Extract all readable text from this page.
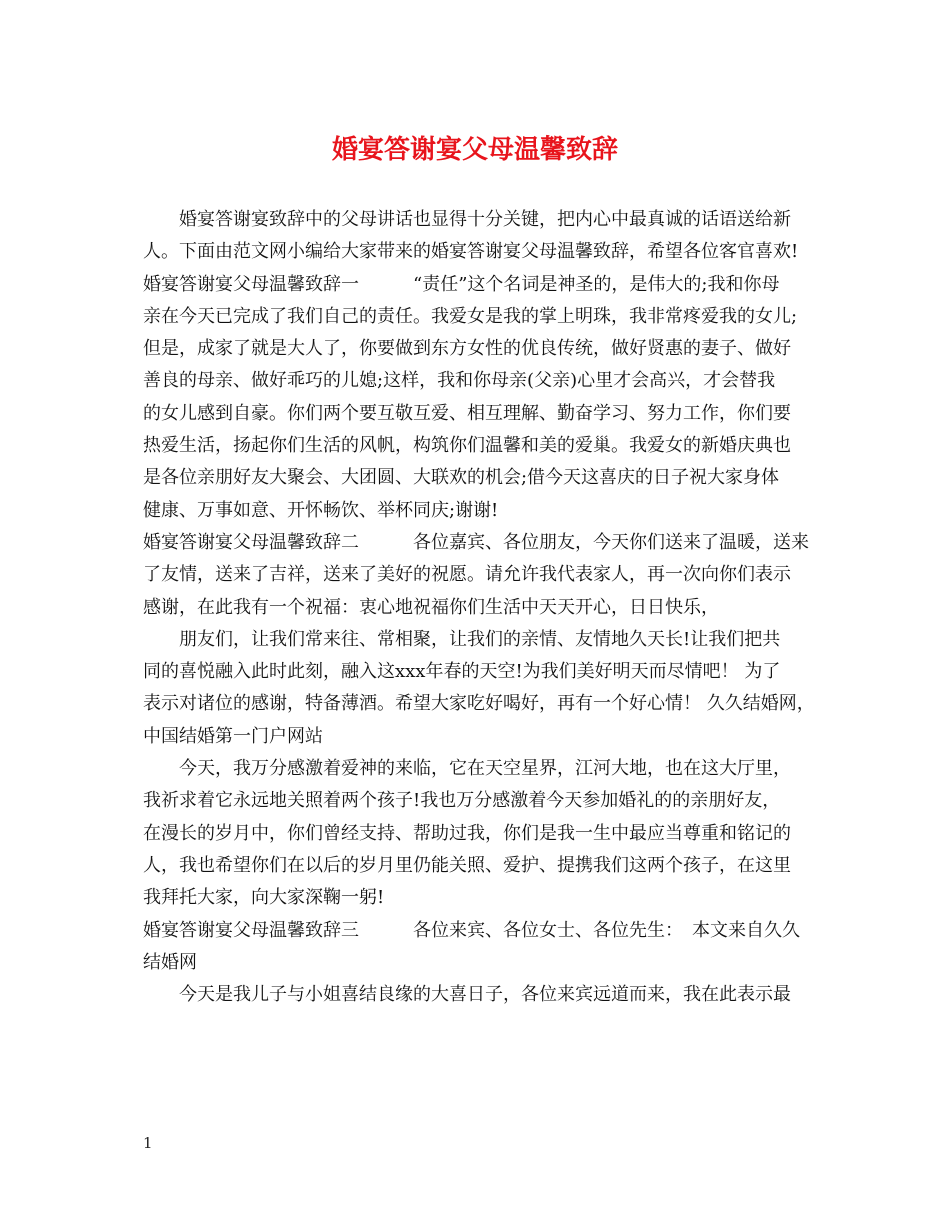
婚宴答谢宴父母温馨致辞
　　婚宴答谢宴致辞中的父母讲话也显得十分关键，把内心中最真诚的话语送给新
人。下面由范文网小编给大家带来的婚宴答谢宴父母温馨致辞，希望各位客官喜欢!
婚宴答谢宴父母温馨致辞一　　　“责任”这个名词是神圣的，是伟大的;我和你母
亲在今天已完成了我们自己的责任。我爱女是我的掌上明珠，我非常疼爱我的女儿;
但是，成家了就是大人了，你要做到东方女性的优良传统，做好贤惠的妻子、做好
善良的母亲、做好乖巧的儿媳;这样，我和你母亲(父亲)心里才会高兴，才会替我
的女儿感到自豪。你们两个要互敬互爱、相互理解、勤奋学习、努力工作，你们要
热爱生活，扬起你们生活的风帆，构筑你们温馨和美的爱巢。我爱女的新婚庆典也
是各位亲朋好友大聚会、大团圆、大联欢的机会;借今天这喜庆的日子祝大家身体
健康、万事如意、开怀畅饮、举杯同庆;谢谢!
婚宴答谢宴父母温馨致辞二　　　各位嘉宾、各位朋友，今天你们送来了温暖，送来
了友情，送来了吉祥，送来了美好的祝愿。请允许我代表家人，再一次向你们表示
感谢，在此我有一个祝福：衷心地祝福你们生活中天天开心，日日快乐，
　　朋友们，让我们常来往、常相聚，让我们的亲情、友情地久天长!让我们把共
同的喜悦融入此时此刻，融入这xxx年春的天空!为我们美好明天而尽情吧！ 为了
表示对诸位的感谢，特备薄酒。希望大家吃好喝好，再有一个好心情！ 久久结婚网，
中国结婚第一门户网站
　　今天，我万分感激着爱神的来临，它在天空星界，江河大地，也在这大厅里，
我祈求着它永远地关照着两个孩子!我也万分感激着今天参加婚礼的的亲朋好友，
在漫长的岁月中，你们曾经支持、帮助过我，你们是我一生中最应当尊重和铭记的
人，我也希望你们在以后的岁月里仍能关照、爱护、提携我们这两个孩子，在这里
我拜托大家，向大家深鞠一躬!
婚宴答谢宴父母温馨致辞三　　　各位来宾、各位女士、各位先生：　本文来自久久
结婚网
　　今天是我儿子与小姐喜结良缘的大喜日子，各位来宾远道而来，我在此表示最
1
